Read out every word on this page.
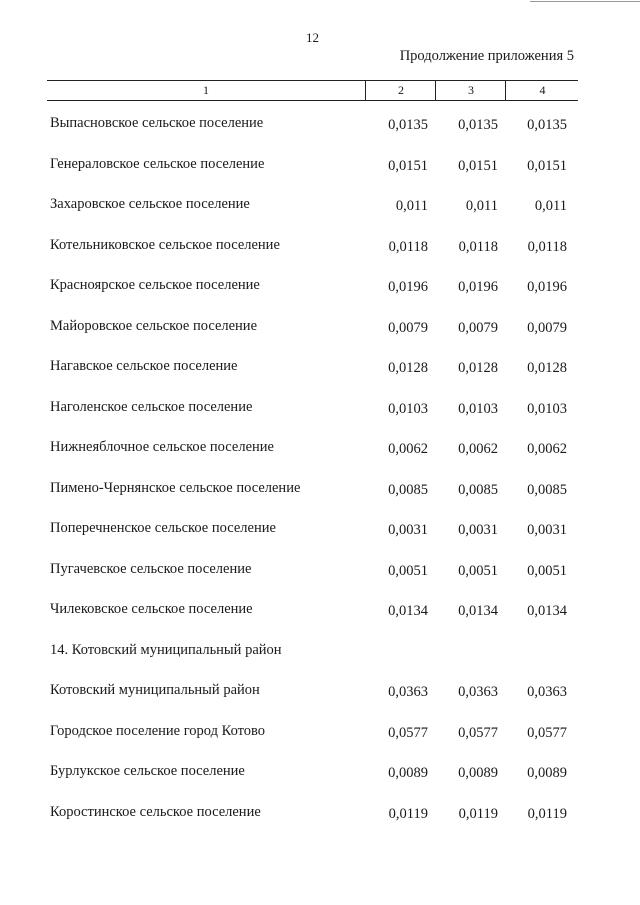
12
Продолжение приложения 5
1	2	3	4
Выпасновское сельское поселение	0,0135	0,0135	0,0135
Генераловское сельское поселение	0,0151	0,0151	0,0151
Захаровское сельское поселение	0,011	0,011	0,011
Котельниковское сельское поселение	0,0118	0,0118	0,0118
Красноярское сельское поселение	0,0196	0,0196	0,0196
Майоровское сельское поселение	0,0079	0,0079	0,0079
Нагавское сельское поселение	0,0128	0,0128	0,0128
Наголенское сельское поселение	0,0103	0,0103	0,0103
Нижнеяблочное сельское поселение	0,0062	0,0062	0,0062
Пимено-Чернянское сельское поселение	0,0085	0,0085	0,0085
Поперечненское сельское поселение	0,0031	0,0031	0,0031
Пугачевское сельское поселение	0,0051	0,0051	0,0051
Чилековское сельское поселение	0,0134	0,0134	0,0134
14. Котовский муниципальный район
Котовский муниципальный район	0,0363	0,0363	0,0363
Городское поселение город Котово	0,0577	0,0577	0,0577
Бурлукское сельское поселение	0,0089	0,0089	0,0089
Коростинское сельское поселение	0,0119	0,0119	0,0119
